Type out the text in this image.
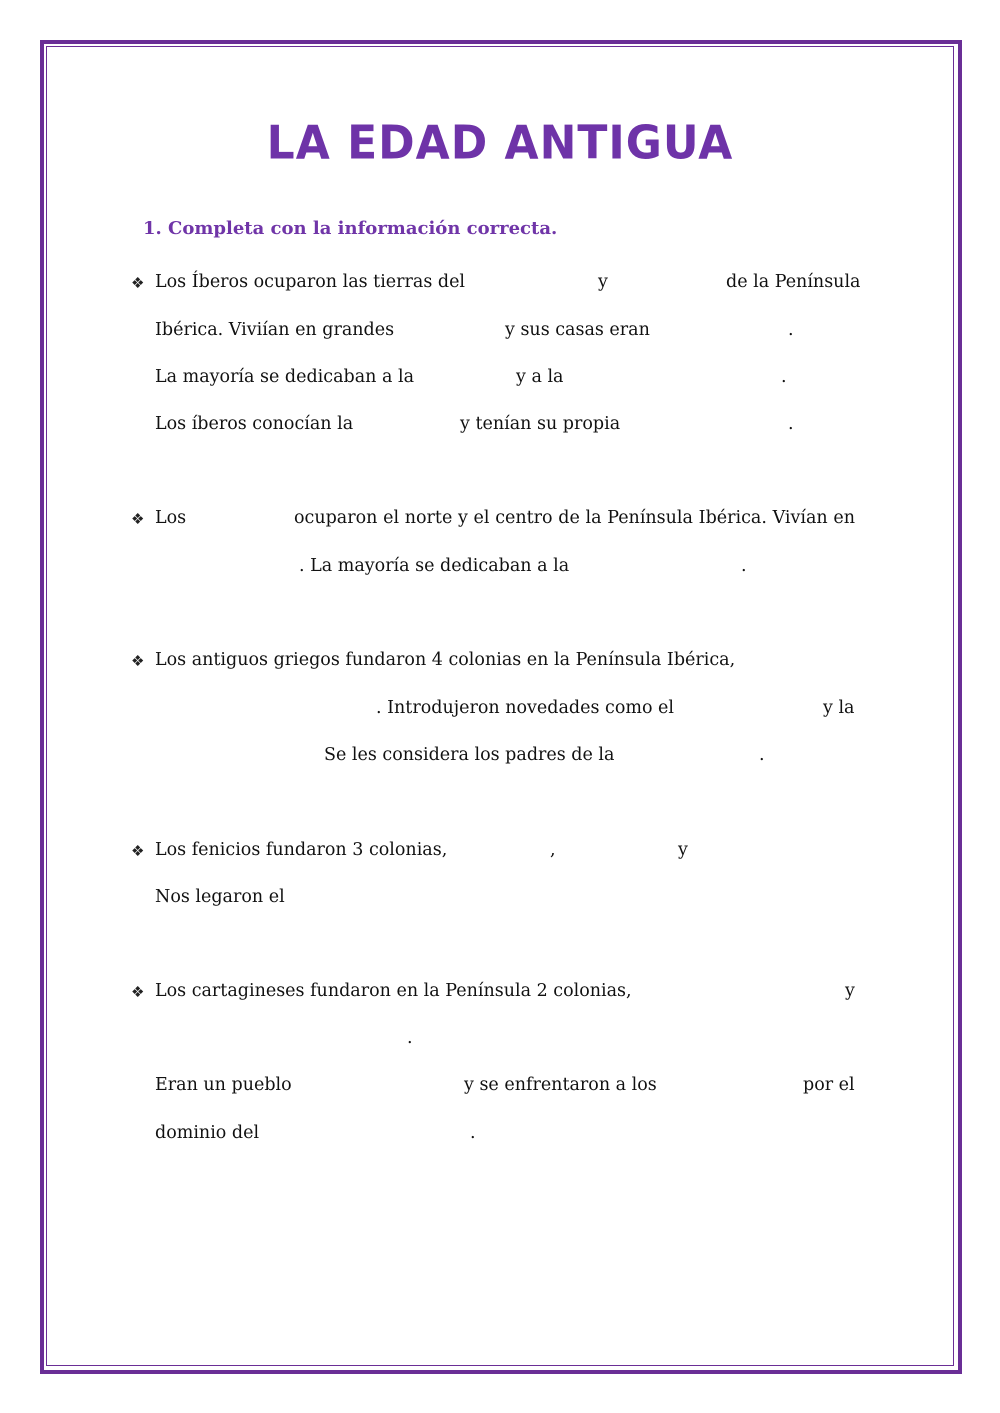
LA EDAD ANTIGUA
1. Completa con la información correcta.
❖ Los Íberos ocuparon las tierras del	y	de la Península
Ibérica. Viviían en grandes	y sus casas eran	.
La mayoría se dedicaban a la	y a la	.
Los íberos conocían la	y tenían su propia	.
❖ Los	ocuparon el norte y el centro de la Península Ibérica. Vivían en
. La mayoría se dedicaban a la	.
❖ Los antiguos griegos fundaron 4 colonias en la Península Ibérica,
. Introdujeron novedades como el	y la
Se les considera los padres de la	.
❖ Los fenicios fundaron 3 colonias,	,	y
Nos legaron el
❖ Los cartagineses fundaron en la Península 2 colonias,	y
.
Eran un pueblo	y se enfrentaron a los	por el
dominio del	.
